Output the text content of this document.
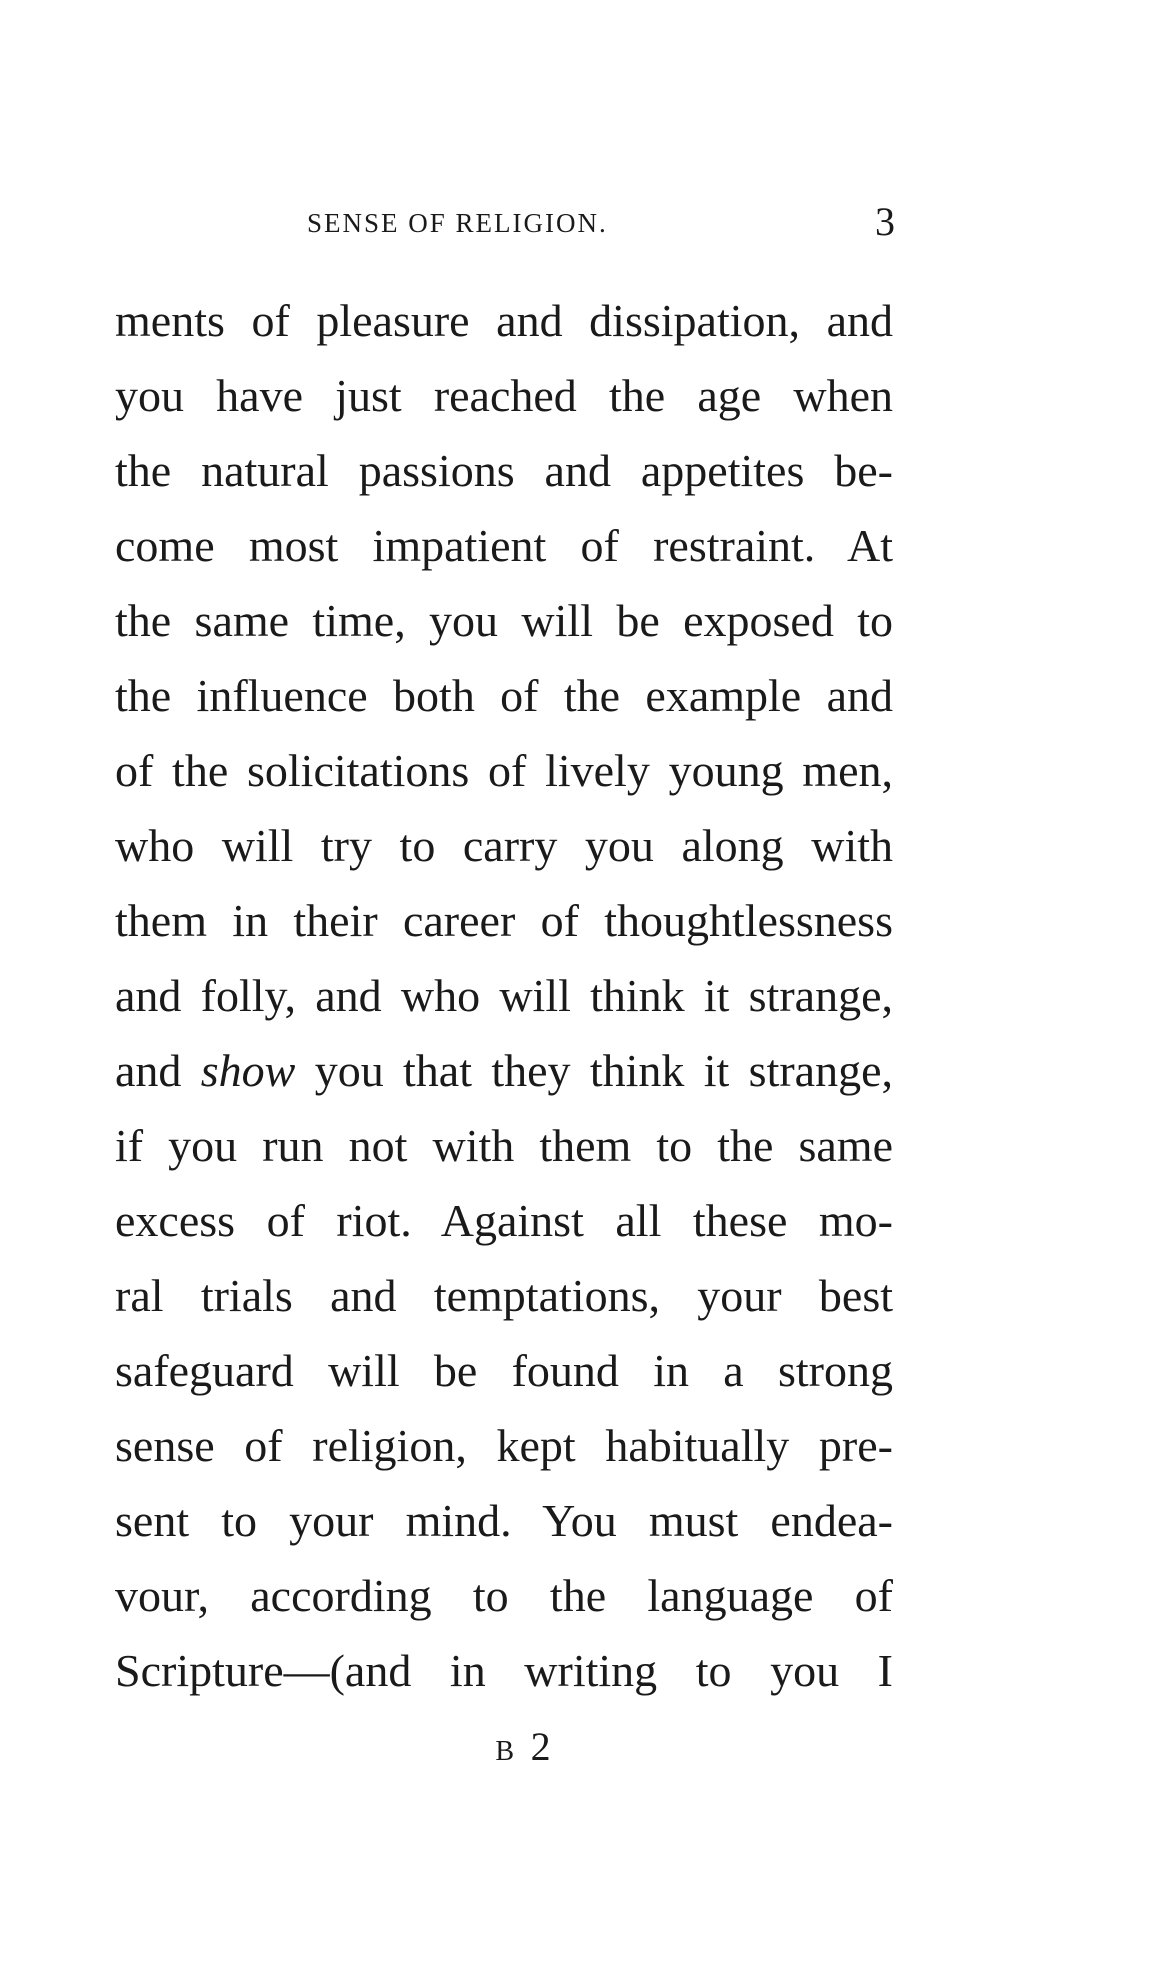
SENSE OF RELIGION.	3
ments of pleasure and dissipation, and
you have just reached the age when
the natural passions and appetites be-
come most impatient of restraint. At
the same time, you will be exposed to
the influence both of the example and
of the solicitations of lively young men,
who will try to carry you along with
them in their career of thoughtlessness
and folly, and who will think it strange,
and show you that they think it strange,
if you run not with them to the same
excess of riot. Against all these mo-
ral trials and temptations, your best
safeguard will be found in a strong
sense of religion, kept habitually pre-
sent to your mind. You must endea-
vour, according to the language of
Scripture—(and in writing to you I
B 2
